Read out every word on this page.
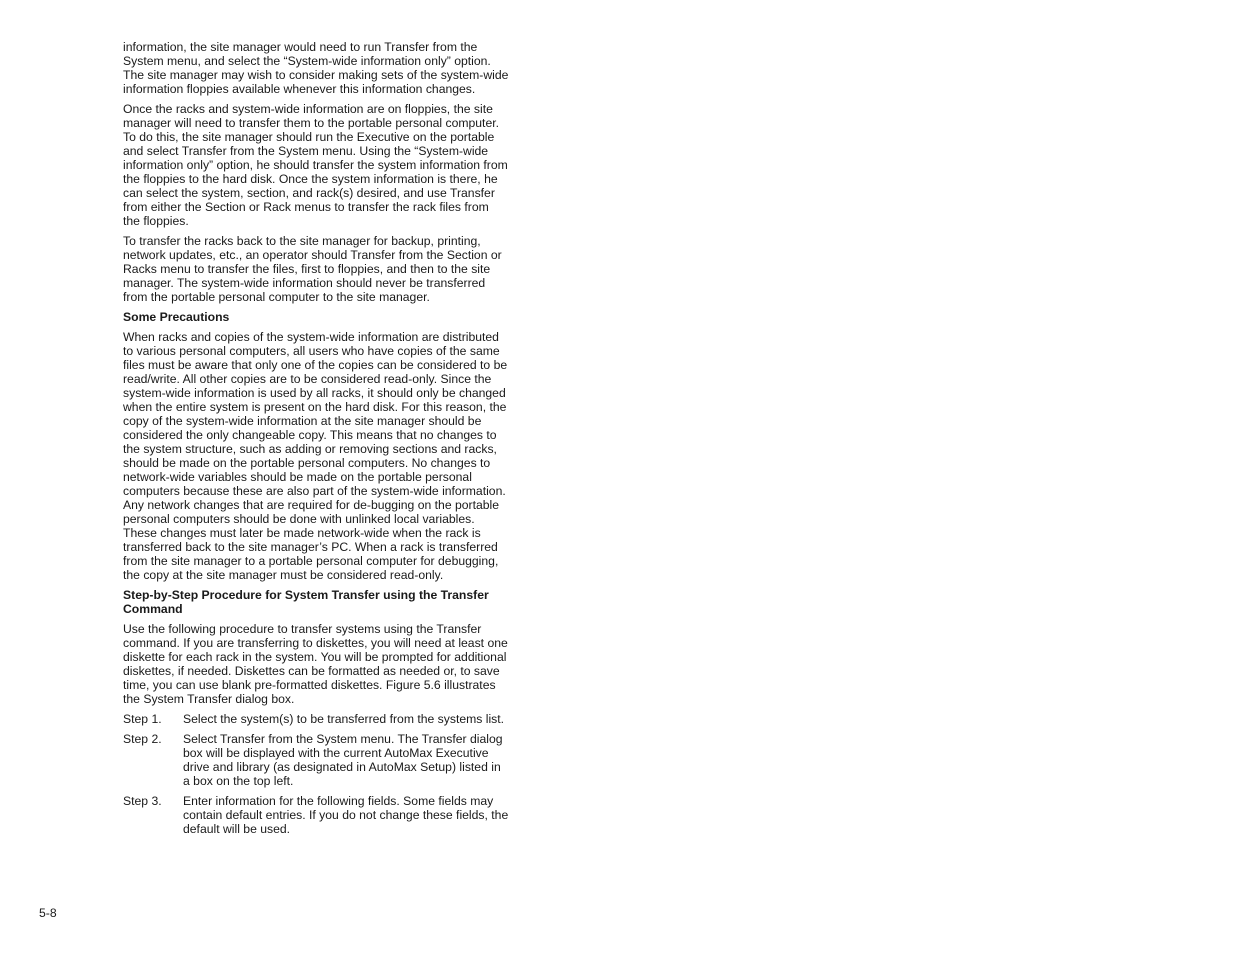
information, the site manager would need to run Transfer from the System menu, and select the “System-wide information only” option. The site manager may wish to consider making sets of the system-wide information floppies available whenever this information changes.

Once the racks and system-wide information are on floppies, the site manager will need to transfer them to the portable personal computer. To do this, the site manager should run the Executive on the portable and select Transfer from the System menu. Using the “System-wide information only” option, he should transfer the system information from the floppies to the hard disk. Once the system information is there, he can select the system, section, and rack(s) desired, and use Transfer from either the Section or Rack menus to transfer the rack files from the floppies.

To transfer the racks back to the site manager for backup, printing, network updates, etc., an operator should Transfer from the Section or Racks menu to transfer the files, first to floppies, and then to the site manager. The system-wide information should never be transferred from the portable personal computer to the site manager.

Some Precautions

When racks and copies of the system-wide information are distributed to various personal computers, all users who have copies of the same files must be aware that only one of the copies can be considered to be read/write. All other copies are to be considered read-only. Since the system-wide information is used by all racks, it should only be changed when the entire system is present on the hard disk. For this reason, the copy of the system-wide information at the site manager should be considered the only changeable copy. This means that no changes to the system structure, such as adding or removing sections and racks, should be made on the portable personal computers. No changes to network-wide variables should be made on the portable personal computers because these are also part of the system-wide information. Any network changes that are required for de-bugging on the portable personal computers should be done with unlinked local variables. These changes must later be made network-wide when the rack is transferred back to the site manager’s PC. When a rack is transferred from the site manager to a portable personal computer for debugging, the copy at the site manager must be considered read-only.

Step-by-Step Procedure for System Transfer using the Transfer Command

Use the following procedure to transfer systems using the Transfer command. If you are transferring to diskettes, you will need at least one diskette for each rack in the system. You will be prompted for additional diskettes, if needed. Diskettes can be formatted as needed or, to save time, you can use blank pre-formatted diskettes. Figure 5.6 illustrates the System Transfer dialog box.

Step 1.	Select the system(s) to be transferred from the systems list.
Step 2.	Select Transfer from the System menu. The Transfer dialog box will be displayed with the current AutoMax Executive drive and library (as designated in AutoMax Setup) listed in a box on the top left.
Step 3.	Enter information for the following fields. Some fields may contain default entries. If you do not change these fields, the default will be used.
5-8
